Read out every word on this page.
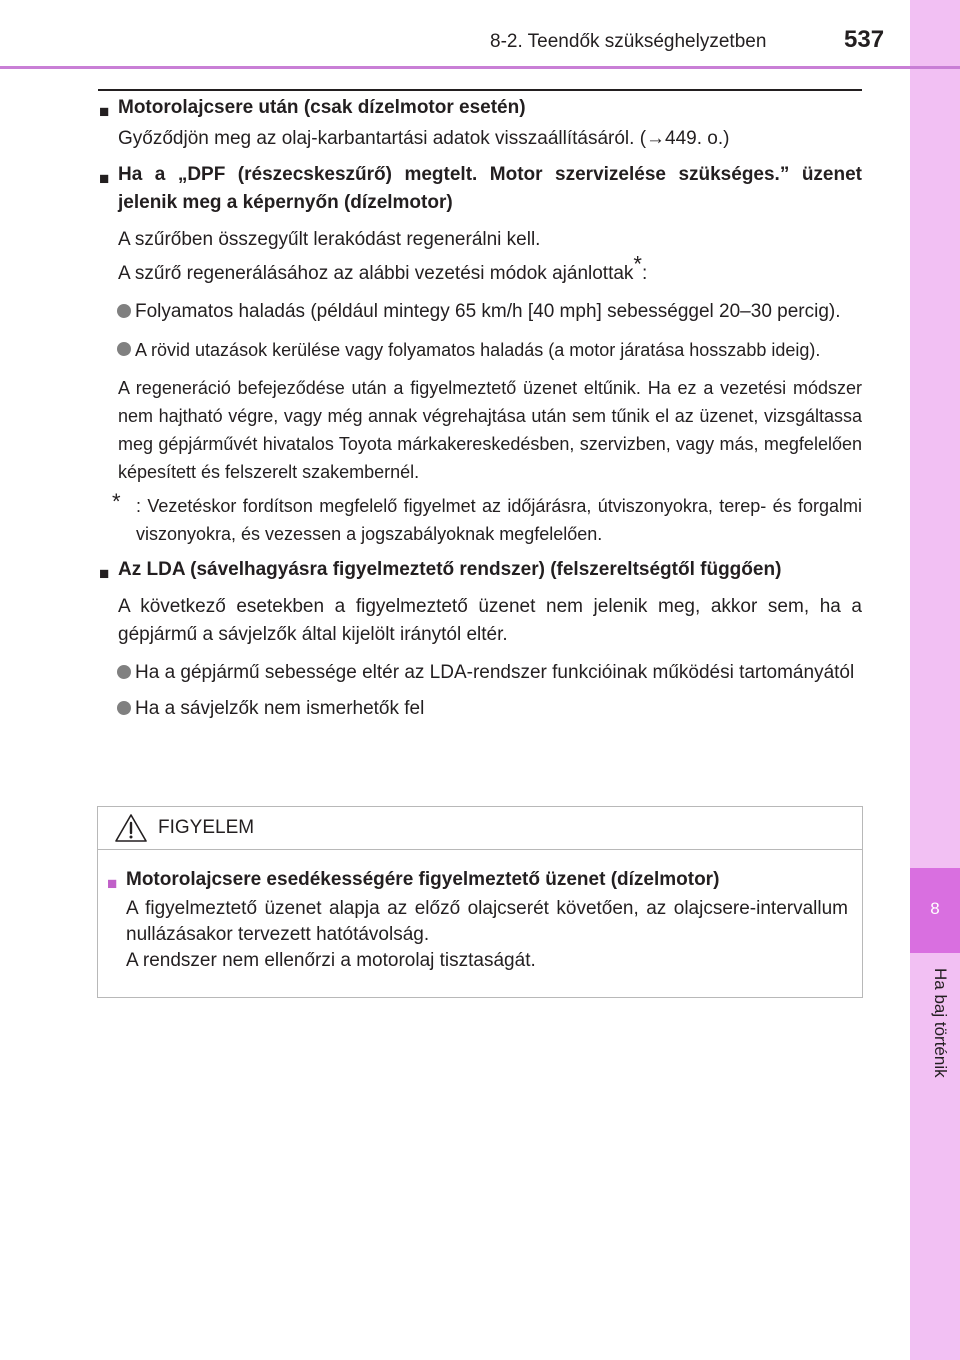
8
Ha baj történik
8-2. Teendők szükséghelyzetben	537
■ Motorolajcsere után (csak dízelmotor esetén)
Győződjön meg az olaj-karbantartási adatok visszaállításáról. (→449. o.)
■ Ha a „DPF (részecskeszűrő) megtelt. Motor szervizelése szükséges.” üzenet jelenik meg a képernyőn (dízelmotor)
A szűrőben összegyűlt lerakódást regenerálni kell.
A szűrő regenerálásához az alábbi vezetési módok ajánlottak*:
Folyamatos haladás (például mintegy 65 km/h [40 mph] sebességgel 20–30 percig).
A rövid utazások kerülése vagy folyamatos haladás (a motor járatása hosszabb ideig).
A regeneráció befejeződése után a figyelmeztető üzenet eltűnik. Ha ez a vezetési módszer nem hajtható végre, vagy még annak végrehajtása után sem tűnik el az üzenet, vizsgáltassa meg gépjárművét hivatalos Toyota márkakereskedésben, szervizben, vagy más, megfelelően képesített és felszerelt szakembernél.
* : Vezetéskor fordítson megfelelő figyelmet az időjárásra, útviszonyokra, terep- és forgalmi viszonyokra, és vezessen a jogszabályoknak megfelelően.
■ Az LDA (sávelhagyásra figyelmeztető rendszer) (felszereltségtől függően)
A következő esetekben a figyelmeztető üzenet nem jelenik meg, akkor sem, ha a gépjármű a sávjelzők által kijelölt iránytól eltér.
Ha a gépjármű sebessége eltér az LDA-rendszer funkcióinak működési tartományától
Ha a sávjelzők nem ismerhetők fel
FIGYELEM
■ Motorolajcsere esedékességére figyelmeztető üzenet (dízelmotor)
A figyelmeztető üzenet alapja az előző olajcserét követően, az olajcsere-intervallum nullázásakor tervezett hatótávolság.
A rendszer nem ellenőrzi a motorolaj tisztaságát.
